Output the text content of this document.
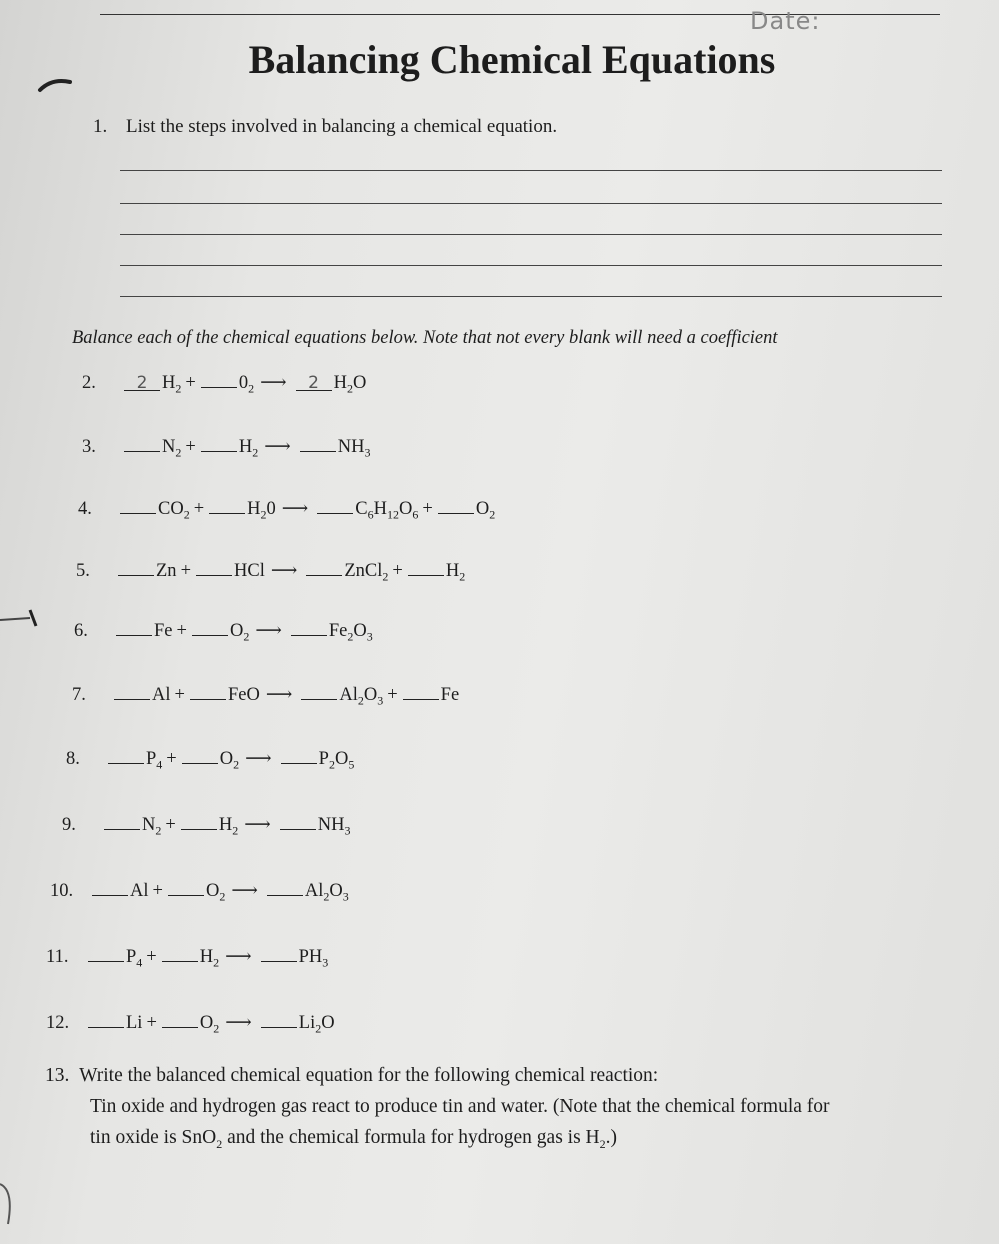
Date:
Balancing Chemical Equations
1. List the steps involved in balancing a chemical equation.
Balance each of the chemical equations below. Note that not every blank will need a coefficient
2. 2 $H_2 + 0_2$ ⟶ 2 $H_2O$
3.	$N_2 + H_2$ ⟶	$NH_3$
4.	$CO_2 + H_20$ ⟶	$C_6H_{12}O_6 + O_2$
5.	Zn + HCl ⟶	ZnCl$_2$ + $H_2$
6.	$Fe + O_2$ ⟶	$Fe_2O_3$
7.	Al + FeO ⟶	$Al_2O_3 + Fe$
8.	$P_4 + O_2$ ⟶	$P_2O_5$
9.	$N_2 + H_2$ ⟶	$NH_3$
10.	$Al + O_2$ ⟶	$Al_2O_3$
11.	$P_4 + H_2$ ⟶	$PH_3$
12.	$Li + O_2$ ⟶	$Li_2O$
13. Write the balanced chemical equation for the following chemical reaction:
Tin oxide and hydrogen gas react to produce tin and water. (Note that the chemical formula for
tin oxide is SnO$_2$ and the chemical formula for hydrogen gas is $H_2$.)
